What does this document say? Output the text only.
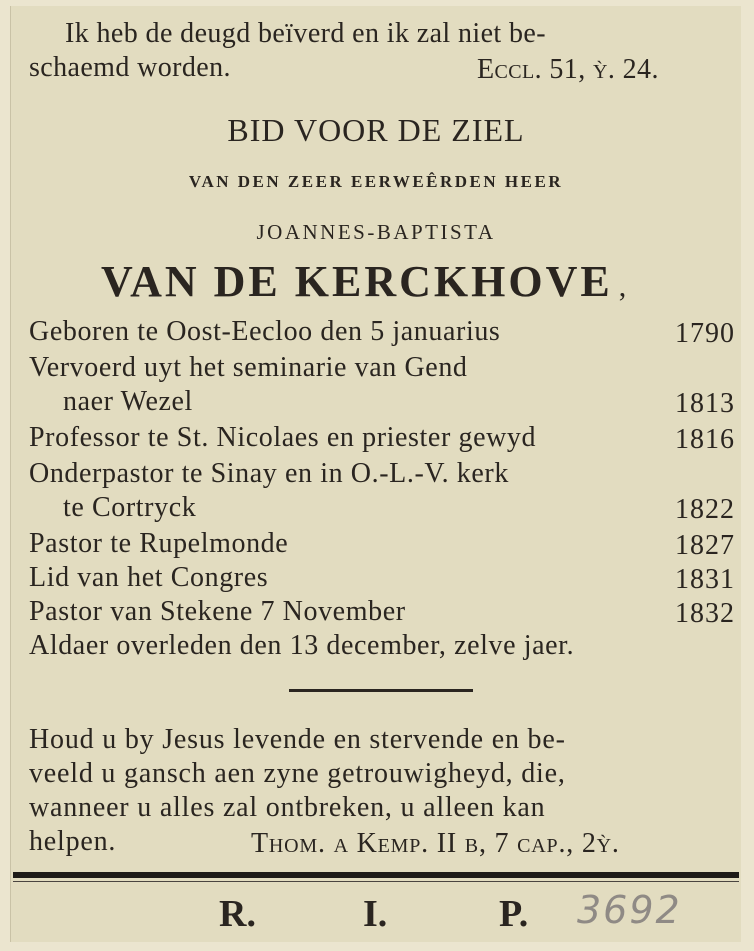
Ik heb de deugd beïverd en ik zal niet be-
schaemd worden.	Eccl. 51, ỳ. 24.
BID VOOR DE ZIEL
VAN DEN ZEER EERWEÊRDEN HEER
JOANNES-BAPTISTA
VAN DE KERCKHOVE ,
Geboren te Oost-Eecloo den 5 januarius	1790
Vervoerd uyt het seminarie van Gend
naer Wezel	1813
Professor te St. Nicolaes en priester gewyd	1816
Onderpastor te Sinay en in O.-L.-V. kerk
te Cortryck	1822
Pastor te Rupelmonde	1827
Lid van het Congres	1831
Pastor van Stekene 7 November	1832
Aldaer overleden den 13 december, zelve jaer.
Houd u by Jesus levende en stervende en be-
veeld u gansch aen zyne getrouwigheyd, die,
wanneer u alles zal ontbreken, u alleen kan
helpen.	Thom. a Kemp. II b, 7 cap., 2ỳ.
R.	I.	P. 3692
